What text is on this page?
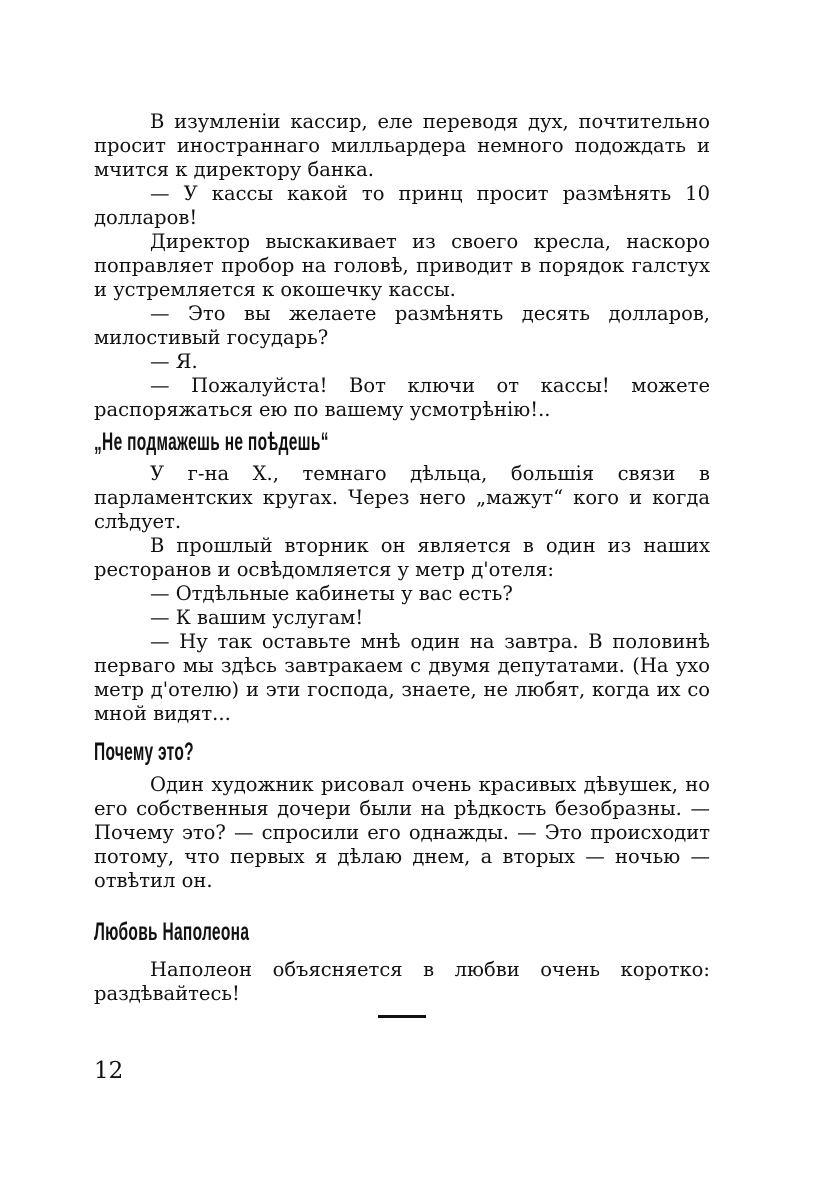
В изумленіи кассир, еле переводя дух, почтительно просит иностраннаго милльардера немного подождать и мчится к директору банка.

— У кассы какой то принц просит размѣнять 10 долларов!

Директор выскакивает из своего кресла, наскоро поправляет пробор на головѣ, приводит в порядок галстух и устремляется к окошечку кассы.

— Это вы желаете размѣнять десять долларов, милостивый государь?

— Я.

— Пожалуйста! Вот ключи от кассы! можете распоряжаться ею по вашему усмотрѣнію!..

„Не подмажешь не поѣдешь“

У г-на X., темнаго дѣльца, большія связи в парламентских кругах. Через него „мажут“ кого и когда слѣдует.

В прошлый вторник он является в один из наших ресторанов и освѣдомляется у метр д'отеля:

— Отдѣльные кабинеты у вас есть?

— К вашим услугам!

— Ну так оставьте мнѣ один на завтра. В половинѣ перваго мы здѣсь завтракаем с двумя депутатами. (На ухо метр д'отелю) и эти господа, знаете, не любят, когда их со мной видят...

Почему это?

Один художник рисовал очень красивых дѣвушек, но его собственныя дочери были на рѣдкость безобразны. — Почему это? — спросили его однажды. — Это происходит потому, что первых я дѣлаю днем, а вторых — ночью — отвѣтил он.

Любовь Наполеона

Наполеон объясняется в любви очень коротко: раздѣвайтесь!

12
